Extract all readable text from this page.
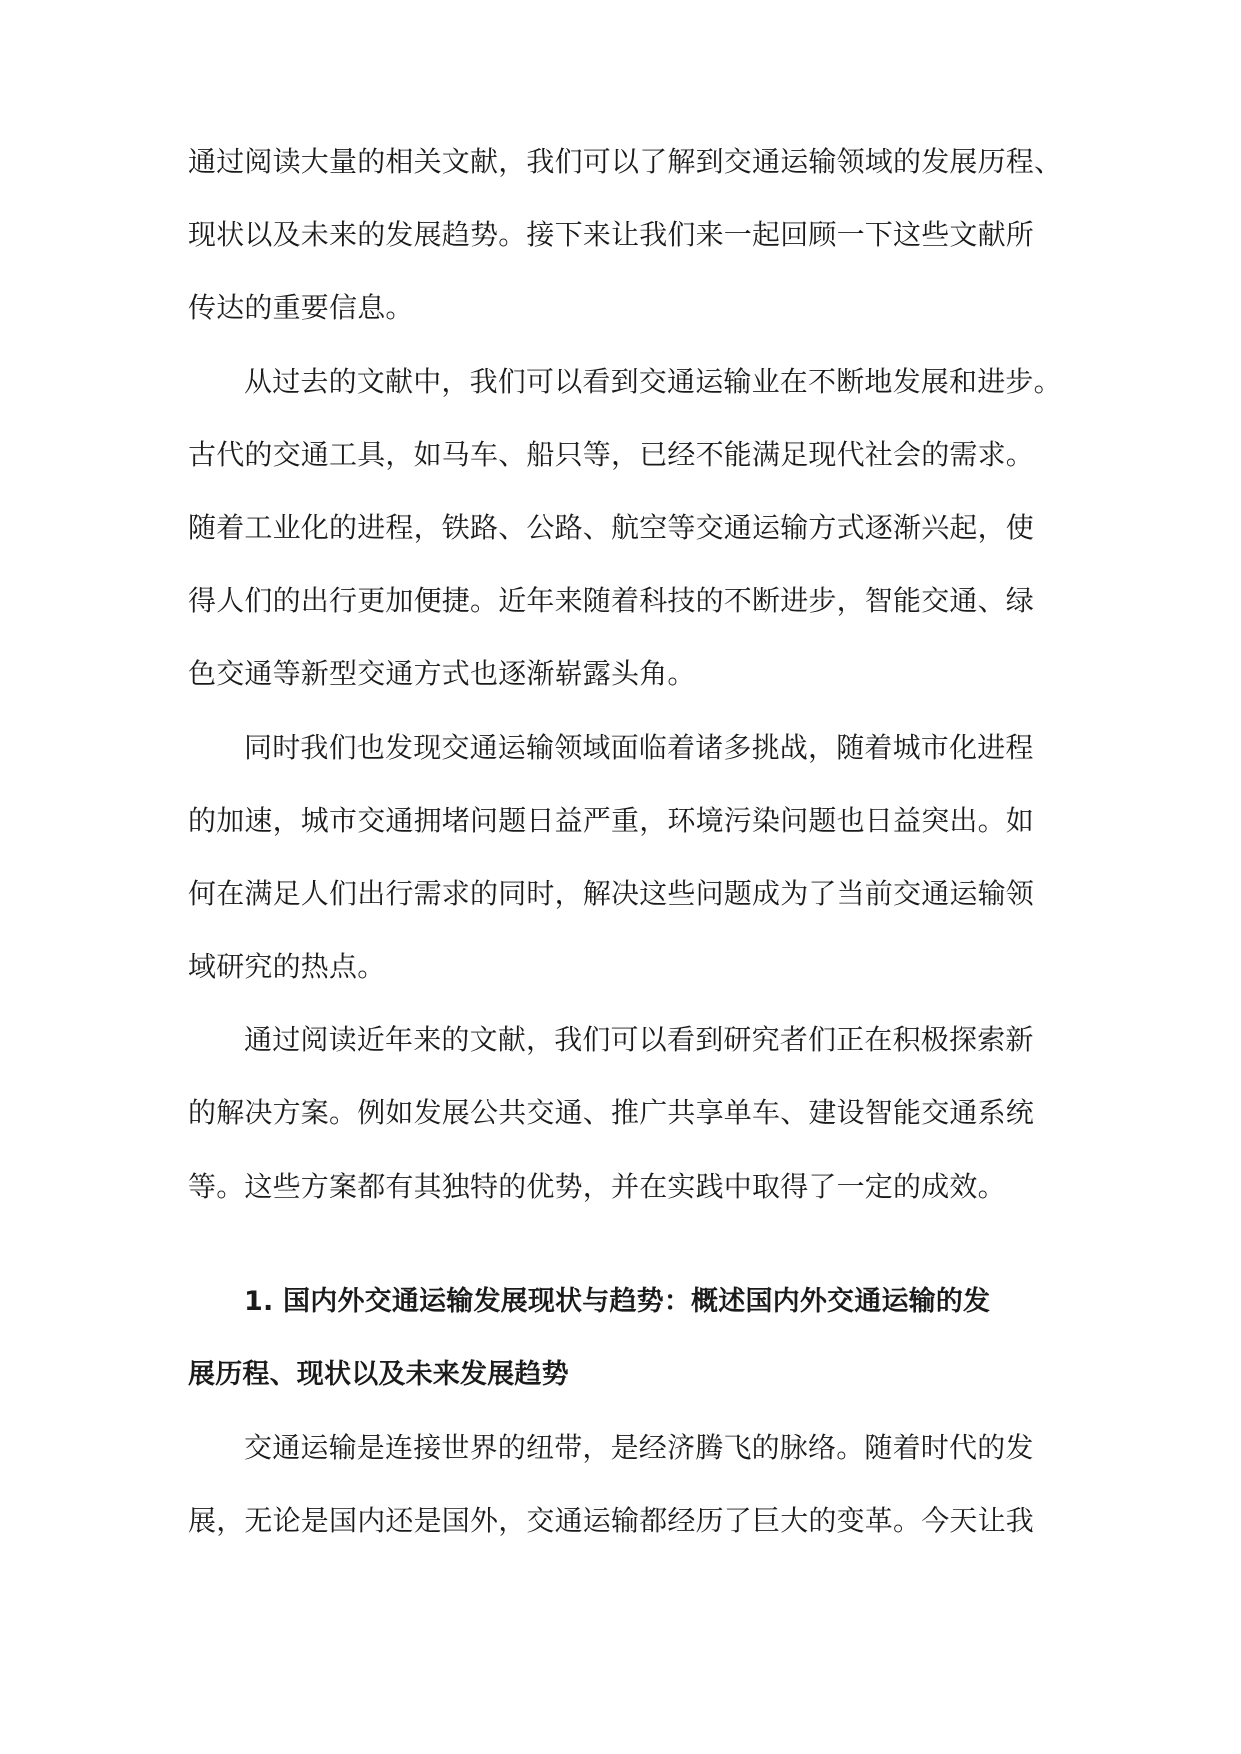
通过阅读大量的相关文献，我们可以了解到交通运输领域的发展历程、
现状以及未来的发展趋势。接下来让我们来一起回顾一下这些文献所
传达的重要信息。
从过去的文献中，我们可以看到交通运输业在不断地发展和进步。
古代的交通工具，如马车、船只等，已经不能满足现代社会的需求。
随着工业化的进程，铁路、公路、航空等交通运输方式逐渐兴起，使
得人们的出行更加便捷。近年来随着科技的不断进步，智能交通、绿
色交通等新型交通方式也逐渐崭露头角。
同时我们也发现交通运输领域面临着诸多挑战，随着城市化进程
的加速，城市交通拥堵问题日益严重，环境污染问题也日益突出。如
何在满足人们出行需求的同时，解决这些问题成为了当前交通运输领
域研究的热点。
通过阅读近年来的文献，我们可以看到研究者们正在积极探索新
的解决方案。例如发展公共交通、推广共享单车、建设智能交通系统
等。这些方案都有其独特的优势，并在实践中取得了一定的成效。
1. 国内外交通运输发展现状与趋势：概述国内外交通运输的发
展历程、现状以及未来发展趋势
交通运输是连接世界的纽带，是经济腾飞的脉络。随着时代的发
展，无论是国内还是国外，交通运输都经历了巨大的变革。今天让我
